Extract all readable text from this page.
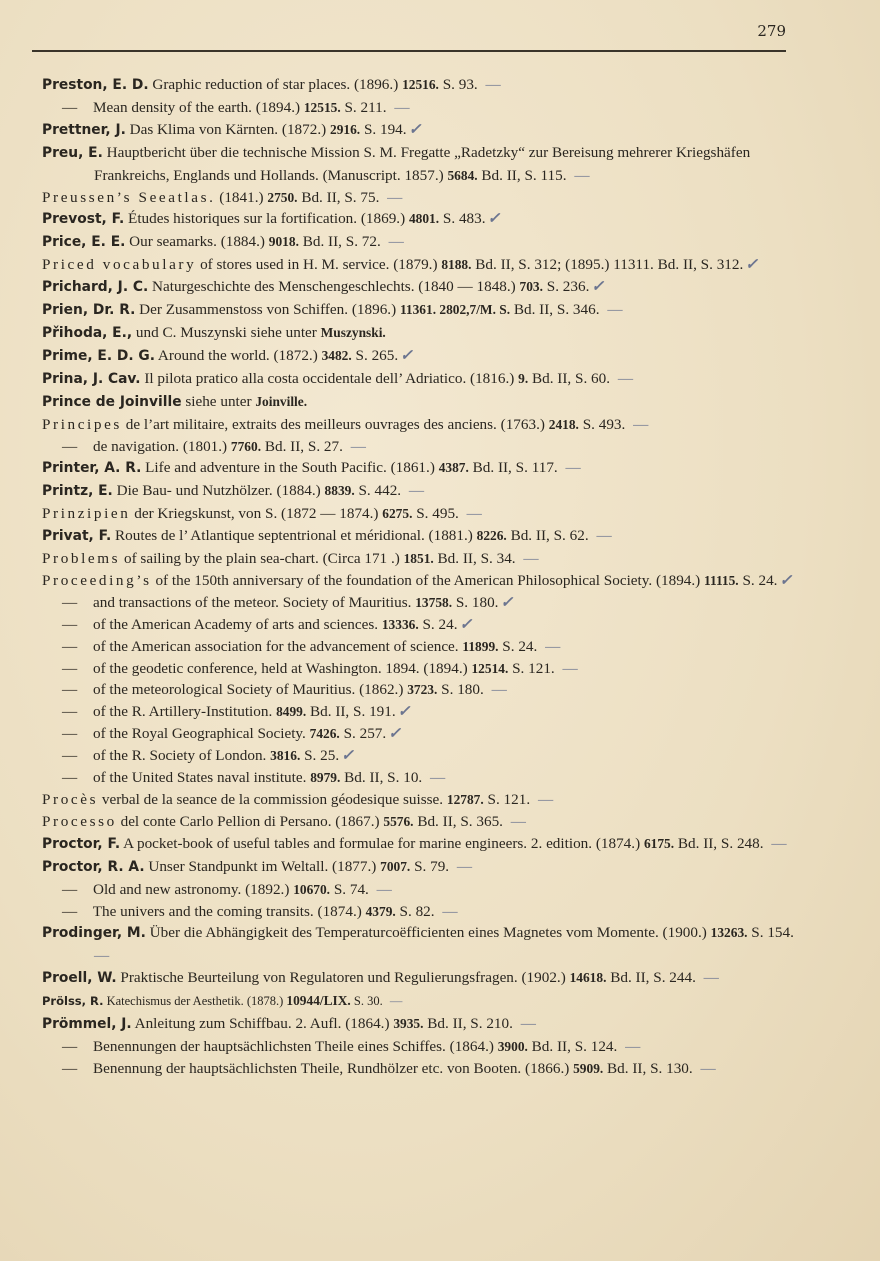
279
Preston, E. D. Graphic reduction of star places. (1896.) 12516. S. 93. —
— Mean density of the earth. (1894.) 12515. S. 211. —
Prettner, J. Das Klima von Kärnten. (1872.) 2916. S. 194. ✓
Preu, E. Hauptbericht über die technische Mission S. M. Fregatte „Radetzky“ zur Bereisung mehrerer Kriegshäfen Frankreichs, Englands und Hollands. (Manuscript. 1857.) 5684. Bd. II, S. 115. —
Preussen’s Seeatlas. (1841.) 2750. Bd. II, S. 75. —
Prevost, F. Études historiques sur la fortification. (1869.) 4801. S. 483. ✓
Price, E. E. Our seamarks. (1884.) 9018. Bd. II, S. 72. —
Priced vocabulary of stores used in H. M. service. (1879.) 8188. Bd. II, S. 312; (1895.) 11311. Bd. II, S. 312. ✓
Prichard, J. C. Naturgeschichte des Menschengeschlechts. (1840 — 1848.) 703. S. 236. ✓
Prien, Dr. R. Der Zusammenstoss von Schiffen. (1896.) 11361. 2802,7/M. S. Bd. II, S. 346. —
Přihoda, E., und C. Muszynski siehe unter Muszynski.
Prime, E. D. G. Around the world. (1872.) 3482. S. 265. ✓
Prina, J. Cav. Il pilota pratico alla costa occidentale dell’ Adriatico. (1816.) 9. Bd. II, S. 60. —
Prince de Joinville siehe unter Joinville.
Principes de l’art militaire, extraits des meilleurs ouvrages des anciens. (1763.) 2418. S. 493. —
— de navigation. (1801.) 7760. Bd. II, S. 27. —
Printer, A. R. Life and adventure in the South Pacific. (1861.) 4387. Bd. II, S. 117. —
Printz, E. Die Bau- und Nutzhölzer. (1884.) 8839. S. 442. —
Prinzipien der Kriegskunst, von S. (1872 — 1874.) 6275. S. 495. —
Privat, F. Routes de l’ Atlantique septentrional et méridional. (1881.) 8226. Bd. II, S. 62. —
Problems of sailing by the plain sea-chart. (Circa 171 .) 1851. Bd. II, S. 34. —
Proceeding’s of the 150th anniversary of the foundation of the American Philosophical Society. (1894.) 11115. S. 24. ✓
— and transactions of the meteor. Society of Mauritius. 13758. S. 180. ✓
— of the American Academy of arts and sciences. 13336. S. 24. ✓
— of the American association for the advancement of science. 11899. S. 24. —
— of the geodetic conference, held at Washington. 1894. (1894.) 12514. S. 121. —
— of the meteorological Society of Mauritius. (1862.) 3723. S. 180. —
— of the R. Artillery-Institution. 8499. Bd. II, S. 191. ✓
— of the Royal Geographical Society. 7426. S. 257. ✓
— of the R. Society of London. 3816. S. 25. ✓
— of the United States naval institute. 8979. Bd. II, S. 10. —
Procès verbal de la seance de la commission géodesique suisse. 12787. S. 121. —
Processo del conte Carlo Pellion di Persano. (1867.) 5576. Bd. II, S. 365. —
Proctor, F. A pocket-book of useful tables and formulae for marine engineers. 2. edition. (1874.) 6175. Bd. II, S. 248. —
Proctor, R. A. Unser Standpunkt im Weltall. (1877.) 7007. S. 79. —
— Old and new astronomy. (1892.) 10670. S. 74. —
— The univers and the coming transits. (1874.) 4379. S. 82. —
Prodinger, M. Über die Abhängigkeit des Temperaturcoëfficienten eines Magnetes vom Momente. (1900.) 13263. S. 154. —
Proell, W. Praktische Beurteilung von Regulatoren und Regulierungsfragen. (1902.) 14618. Bd. II, S. 244. —
Prölss, R. Katechismus der Aesthetik. (1878.) 10944/LIX. S. 30. —
Prömmel, J. Anleitung zum Schiffbau. 2. Aufl. (1864.) 3935. Bd. II, S. 210. —
— Benennungen der hauptsächlichsten Theile eines Schiffes. (1864.) 3900. Bd. II, S. 124. —
— Benennung der hauptsächlichsten Theile, Rundhölzer etc. von Booten. (1866.) 5909. Bd. II, S. 130. —
